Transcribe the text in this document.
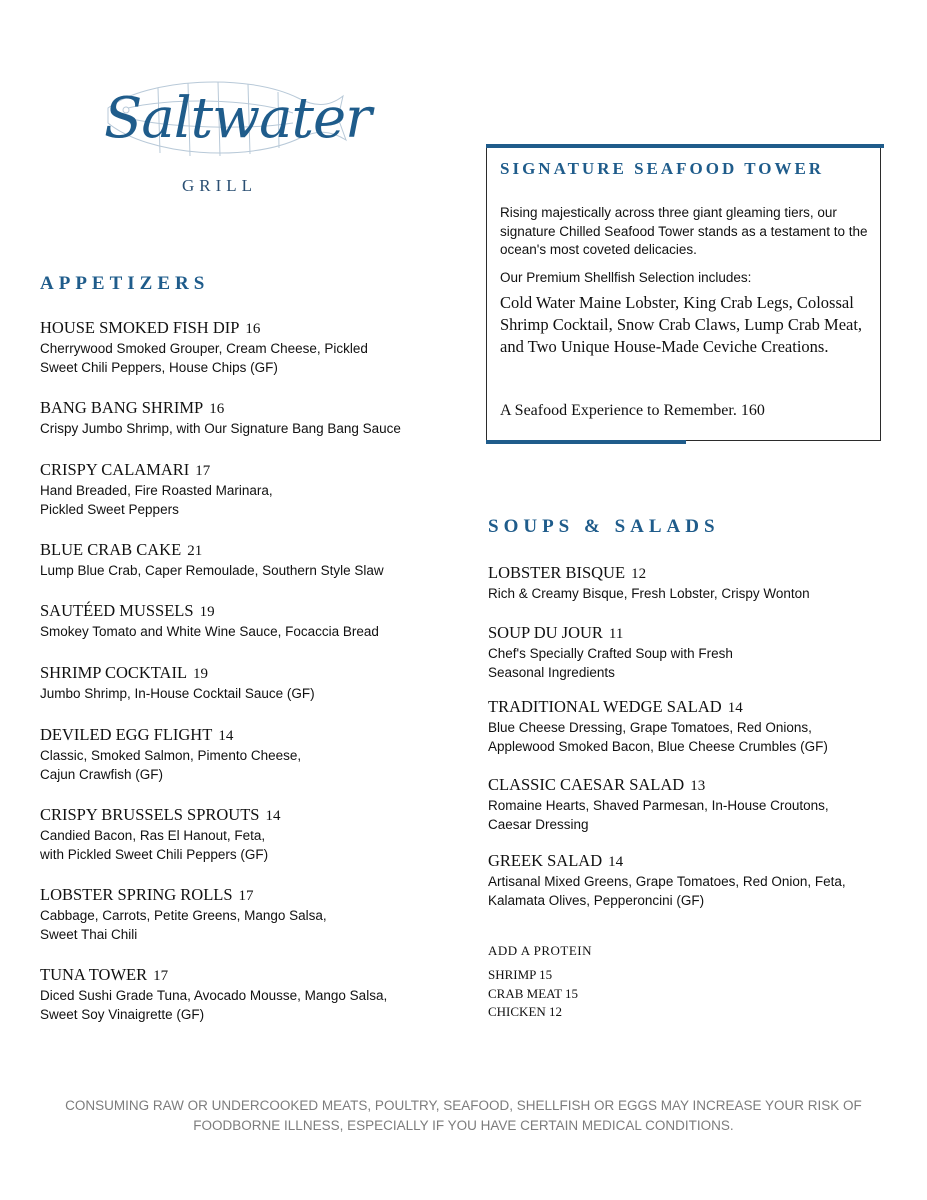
Saltwater
GRILL
APPETIZERS
HOUSE SMOKED FISH DIP 16
Cherrywood Smoked Grouper, Cream Cheese, Pickled
Sweet Chili Peppers, House Chips (GF)
BANG BANG SHRIMP 16
Crispy Jumbo Shrimp, with Our Signature Bang Bang Sauce
CRISPY CALAMARI 17
Hand Breaded, Fire Roasted Marinara,
Pickled Sweet Peppers
BLUE CRAB CAKE 21
Lump Blue Crab, Caper Remoulade, Southern Style Slaw
SAUTÉED MUSSELS 19
Smokey Tomato and White Wine Sauce, Focaccia Bread
SHRIMP COCKTAIL 19
Jumbo Shrimp, In-House Cocktail Sauce (GF)
DEVILED EGG FLIGHT 14
Classic, Smoked Salmon, Pimento Cheese,
Cajun Crawfish (GF)
CRISPY BRUSSELS SPROUTS 14
Candied Bacon, Ras El Hanout, Feta,
with Pickled Sweet Chili Peppers (GF)
LOBSTER SPRING ROLLS 17
Cabbage, Carrots, Petite Greens, Mango Salsa,
Sweet Thai Chili
TUNA TOWER 17
Diced Sushi Grade Tuna, Avocado Mousse, Mango Salsa,
Sweet Soy Vinaigrette (GF)
SIGNATURE SEAFOOD TOWER
Rising majestically across three giant gleaming tiers, our signature Chilled Seafood Tower stands as a testament to the ocean's most coveted delicacies.
Our Premium Shellfish Selection includes:
Cold Water Maine Lobster, King Crab Legs, Colossal Shrimp Cocktail, Snow Crab Claws, Lump Crab Meat, and Two Unique House-Made Ceviche Creations.
A Seafood Experience to Remember. 160
SOUPS & SALADS
LOBSTER BISQUE 12
Rich & Creamy Bisque, Fresh Lobster, Crispy Wonton
SOUP DU JOUR 11
Chef's Specially Crafted Soup with Fresh
Seasonal Ingredients
TRADITIONAL WEDGE SALAD 14
Blue Cheese Dressing, Grape Tomatoes, Red Onions,
Applewood Smoked Bacon, Blue Cheese Crumbles (GF)
CLASSIC CAESAR SALAD 13
Romaine Hearts, Shaved Parmesan, In-House Croutons,
Caesar Dressing
GREEK SALAD 14
Artisanal Mixed Greens, Grape Tomatoes, Red Onion, Feta,
Kalamata Olives, Pepperoncini (GF)
ADD A PROTEIN
SHRIMP 15
CRAB MEAT 15
CHICKEN 12
CONSUMING RAW OR UNDERCOOKED MEATS, POULTRY, SEAFOOD, SHELLFISH OR EGGS MAY INCREASE YOUR RISK OF
FOODBORNE ILLNESS, ESPECIALLY IF YOU HAVE CERTAIN MEDICAL CONDITIONS.
